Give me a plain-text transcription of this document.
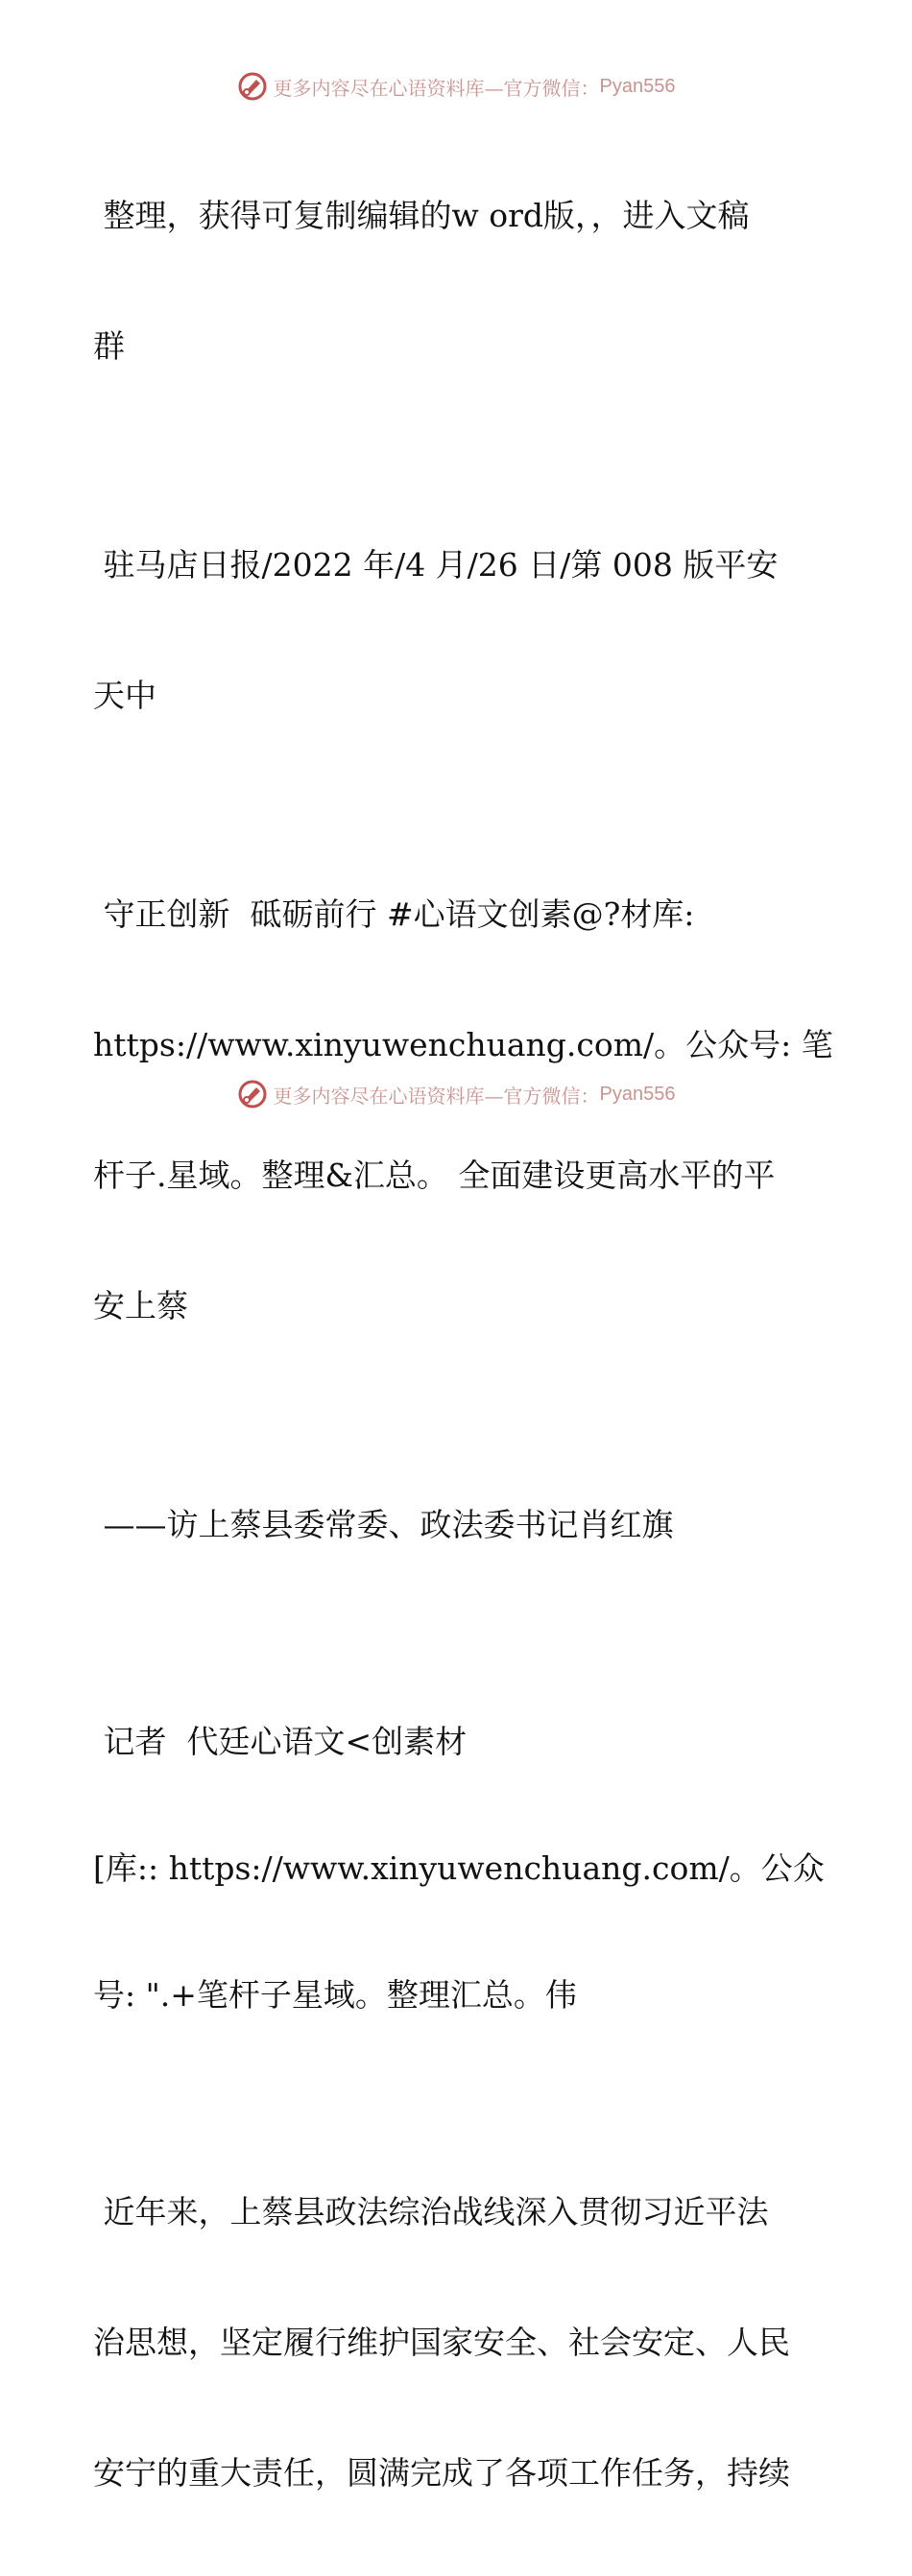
更多内容尽在心语资料库—官方微信： Pyan556

整理，获得可复制编辑的w ord版，，进入文稿

群

驻马店日报/2022 年/4 月/26 日/第 008 版平安

天中

守正创新  砥砺前行 #心语文创素@?材库:

https://www.xinyuwenchuang.com/。公众号: 笔

杆子.星域。整理&汇总。 全面建设更高水平的平

安上蔡

——访上蔡县委常委、政法委书记肖红旗

记者  代廷心语文<创素材

[库:: https://www.xinyuwenchuang.com/。公众

号: ".+笔杆子星域。整理汇总。伟

近年来，上蔡县政法综治战线深入贯彻习近平法

治思想，坚定履行维护国家安全、社会安定、人民

安宁的重大责任，圆满完成了各项工作任务，持续

更多内容尽在心语资料库—官方微信： Pyan556
